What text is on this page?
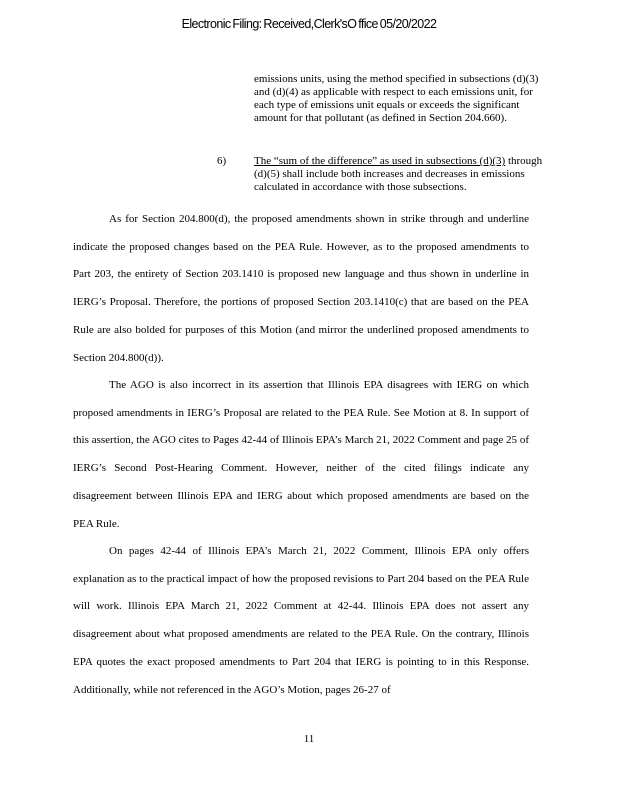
Electronic Filing: Received,Clerk'sO ffice 05/20/2022
emissions units, using the method specified in subsections (d)(3) and (d)(4) as applicable with respect to each emissions unit, for each type of emissions unit equals or exceeds the significant amount for that pollutant (as defined in Section 204.660).
6)	The “sum of the difference” as used in subsections (d)(3) through (d)(5) shall include both increases and decreases in emissions calculated in accordance with those subsections.

As for Section 204.800(d), the proposed amendments shown in strike through and underline indicate the proposed changes based on the PEA Rule. However, as to the proposed amendments to Part 203, the entirety of Section 203.1410 is proposed new language and thus shown in underline in IERG’s Proposal. Therefore, the portions of proposed Section 203.1410(c) that are based on the PEA Rule are also bolded for purposes of this Motion (and mirror the underlined proposed amendments to Section 204.800(d)).

The AGO is also incorrect in its assertion that Illinois EPA disagrees with IERG on which proposed amendments in IERG’s Proposal are related to the PEA Rule. See Motion at 8. In support of this assertion, the AGO cites to Pages 42-44 of Illinois EPA’s March 21, 2022 Comment and page 25 of IERG’s Second Post-Hearing Comment. However, neither of the cited filings indicate any disagreement between Illinois EPA and IERG about which proposed amendments are based on the PEA Rule.

On pages 42-44 of Illinois EPA’s March 21, 2022 Comment, Illinois EPA only offers explanation as to the practical impact of how the proposed revisions to Part 204 based on the PEA Rule will work. Illinois EPA March 21, 2022 Comment at 42-44. Illinois EPA does not assert any disagreement about what proposed amendments are related to the PEA Rule. On the contrary, Illinois EPA quotes the exact proposed amendments to Part 204 that IERG is pointing to in this Response. Additionally, while not referenced in the AGO’s Motion, pages 26-27 of

11
